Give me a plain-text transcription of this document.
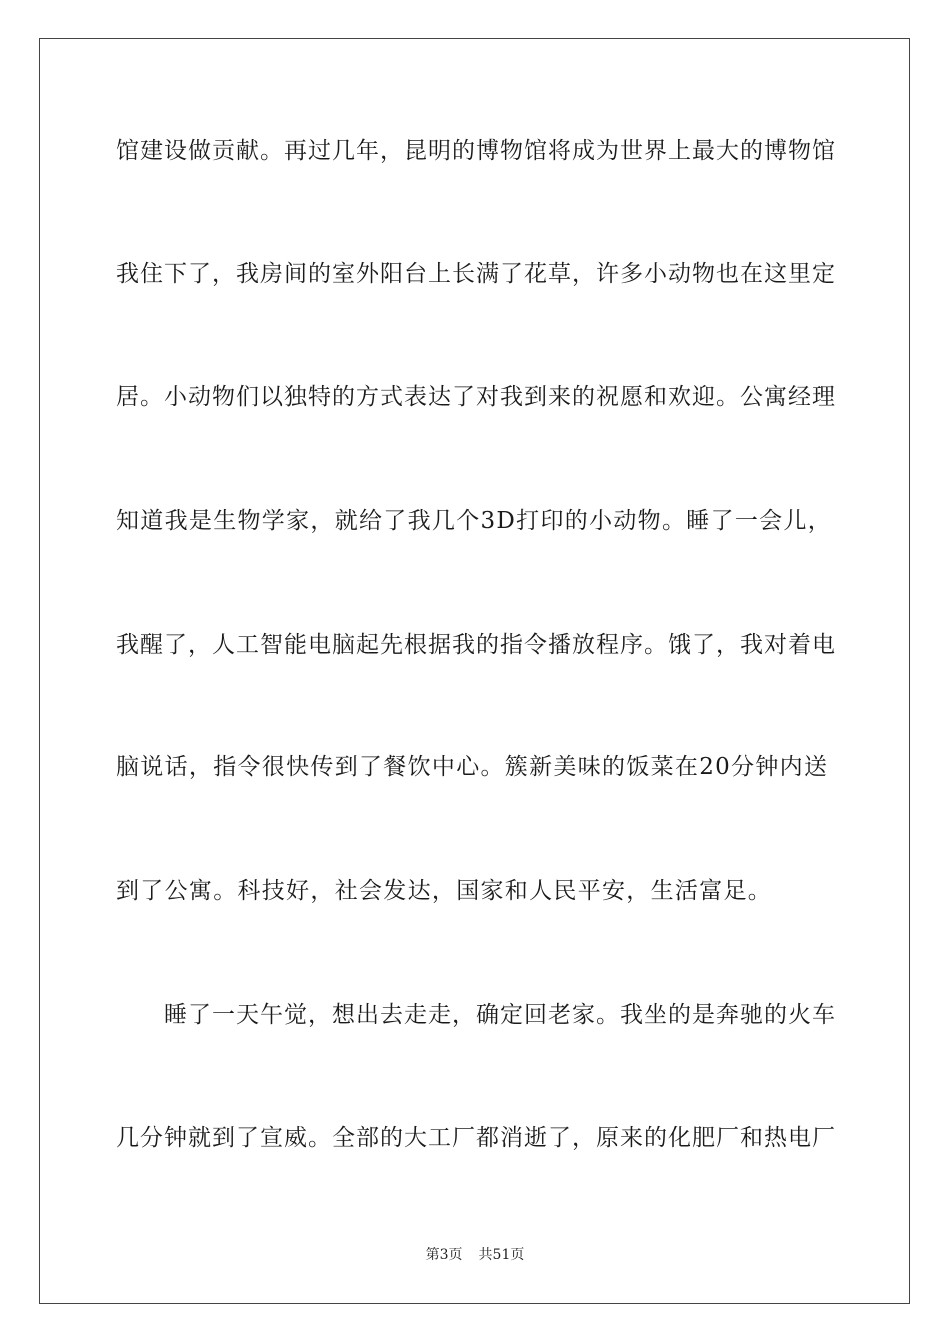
馆建设做贡献。再过几年，昆明的博物馆将成为世界上最大的博物馆
我住下了，我房间的室外阳台上长满了花草，许多小动物也在这里定
居。小动物们以独特的方式表达了对我到来的祝愿和欢迎。公寓经理
知道我是生物学家，就给了我几个3D打印的小动物。睡了一会儿，
我醒了，人工智能电脑起先根据我的指令播放程序。饿了，我对着电
脑说话，指令很快传到了餐饮中心。簇新美味的饭菜在20分钟内送
到了公寓。科技好，社会发达，国家和人民平安，生活富足。
睡了一天午觉，想出去走走，确定回老家。我坐的是奔驰的火车
几分钟就到了宣威。全部的大工厂都消逝了，原来的化肥厂和热电厂
第3页 共51页
